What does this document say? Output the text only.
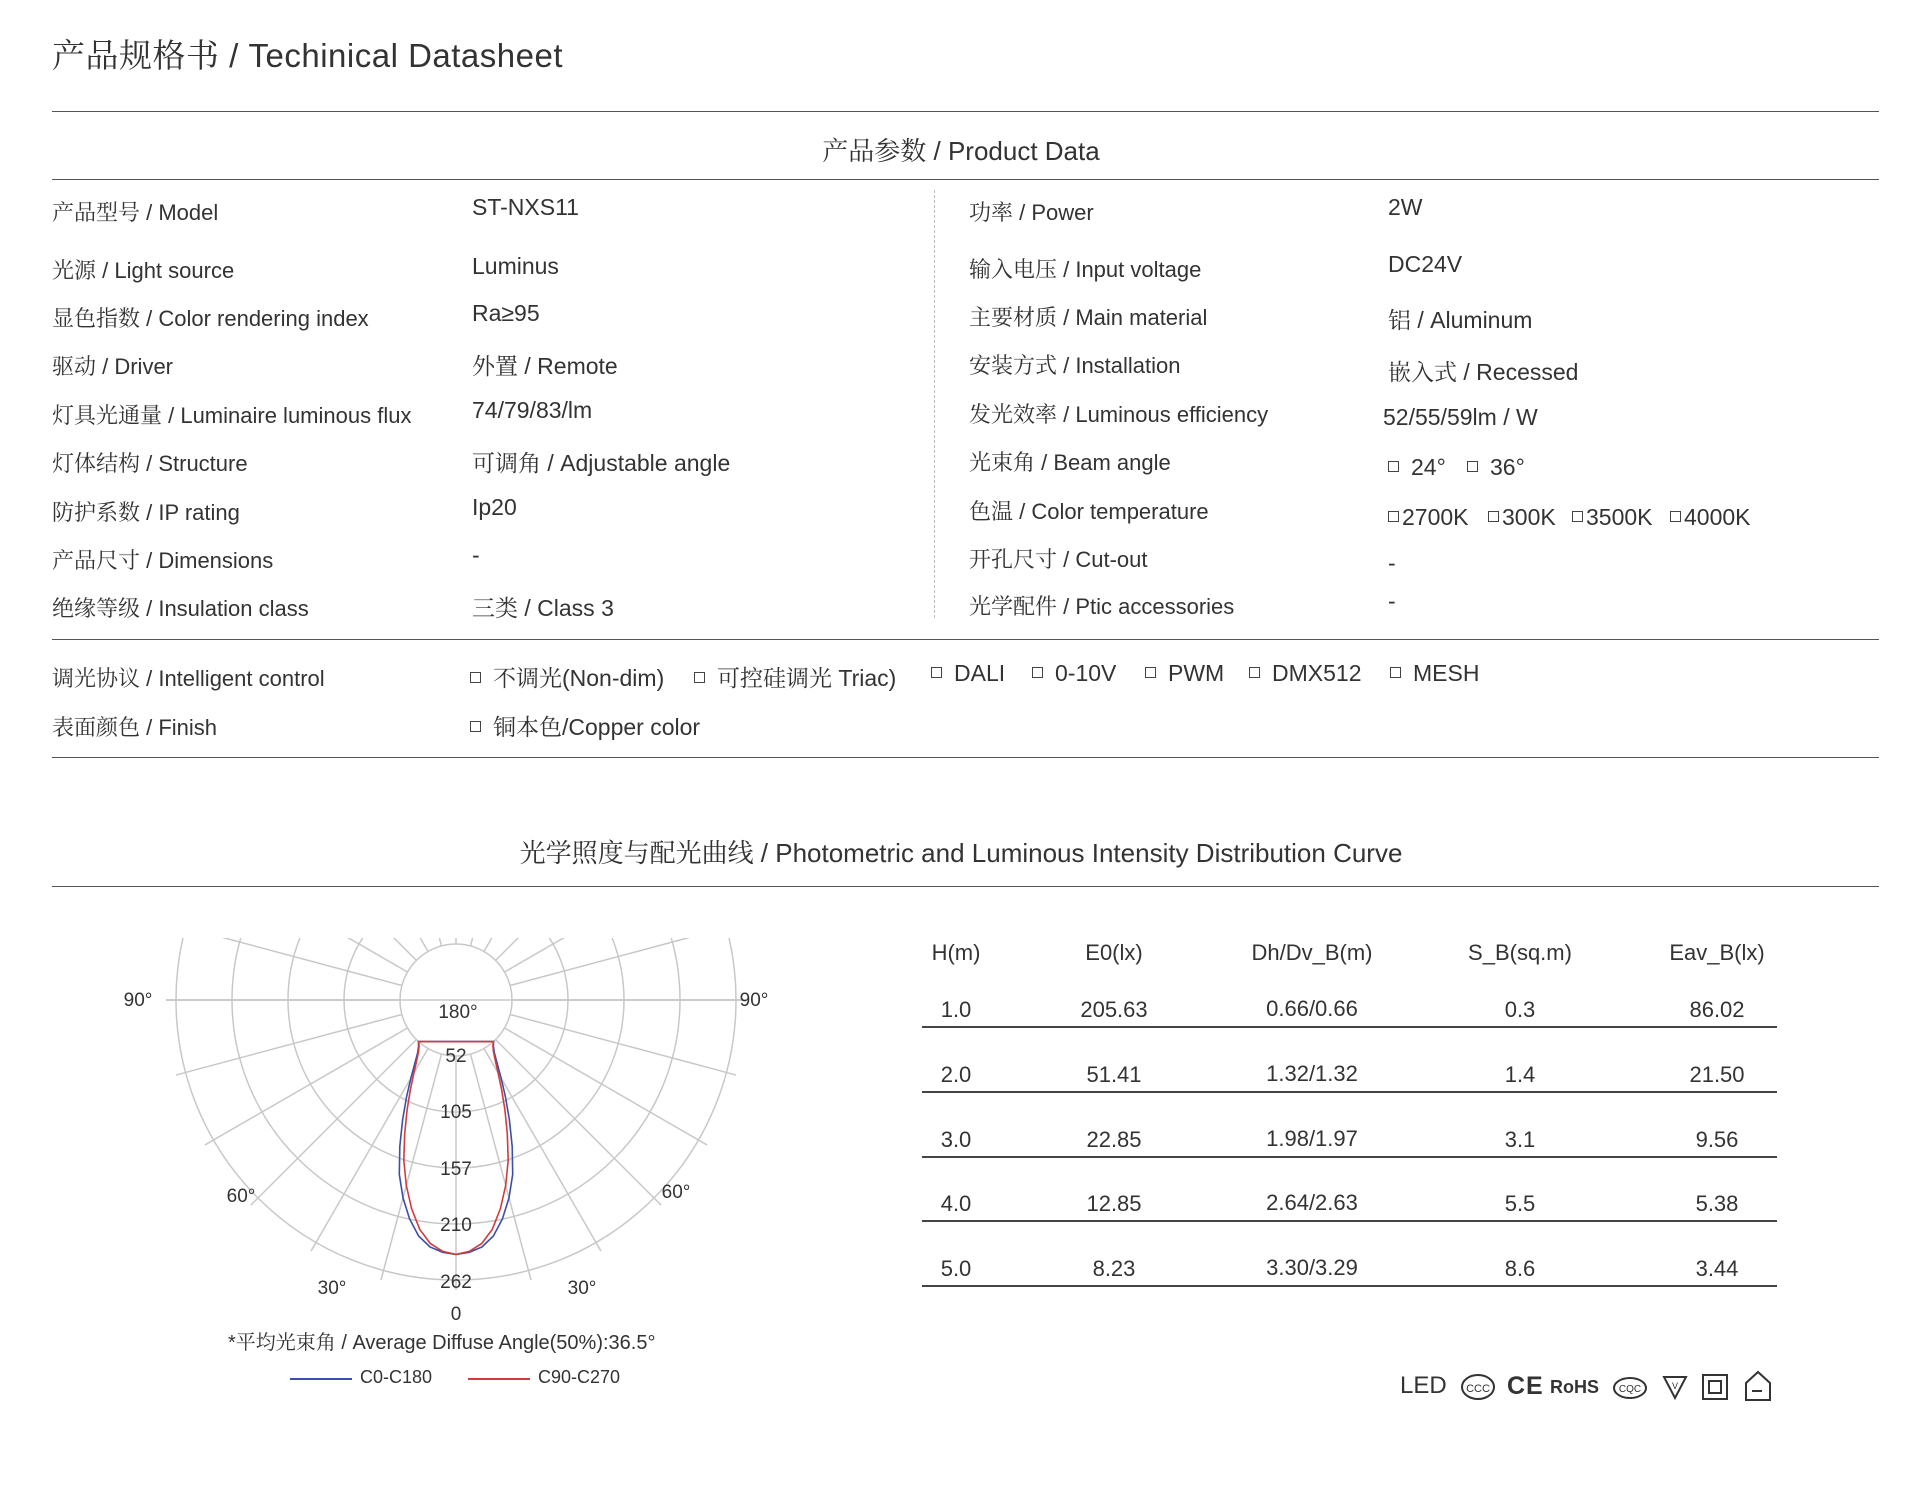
产品规格书 / Techinical Datasheet
产品参数 / Product Data
产品型号 / Model	ST-NXS11
光源 / Light source	Luminus
显色指数 / Color rendering index	Ra≥95
驱动 / Driver	外置 / Remote
灯具光通量 / Luminaire luminous flux	74/79/83/lm
灯体结构 / Structure	可调角 / Adjustable angle
防护系数 / IP rating	Ip20
产品尺寸 / Dimensions	-
绝缘等级 / Insulation class	三类 / Class 3
功率 / Power	2W
输入电压 / Input voltage	DC24V
主要材质 / Main material	铝 / Aluminum
安装方式 / Installation	嵌入式 / Recessed
发光效率 / Luminous efficiency	52/55/59lm / W
光束角 / Beam angle	24°	36°
色温 / Color temperature	2700K	300K	3500K	4000K
开孔尺寸 / Cut-out	-
光学配件 / Ptic accessories	-
调光协议 / Intelligent control	不调光(Non-dim)	可控硅调光 Triac)	DALI	0-10V	PWM	DMX512	MESH
表面颜色 / Finish	铜本色/Copper color
光学照度与配光曲线 / Photometric and Luminous Intensity Distribution Curve
180°
90°	90°
60°	60°
30°	30°
52
105
157
210
262
0
*平均光束角 / Average Diffuse Angle(50%):36.5°
C0-C180	C90-C270
H(m)	E0(lx)	Dh/Dv_B(m)	S_B(sq.m)	Eav_B(lx)
1.0	205.63	0.66/0.66	0.3	86.02
2.0	51.41	1.32/1.32	1.4	21.50
3.0	22.85	1.98/1.97	3.1	9.56
4.0	12.85	2.64/2.63	5.5	5.38
5.0	8.23	3.30/3.29	8.6	3.44
LED CCC CE RoHS CQC	V
